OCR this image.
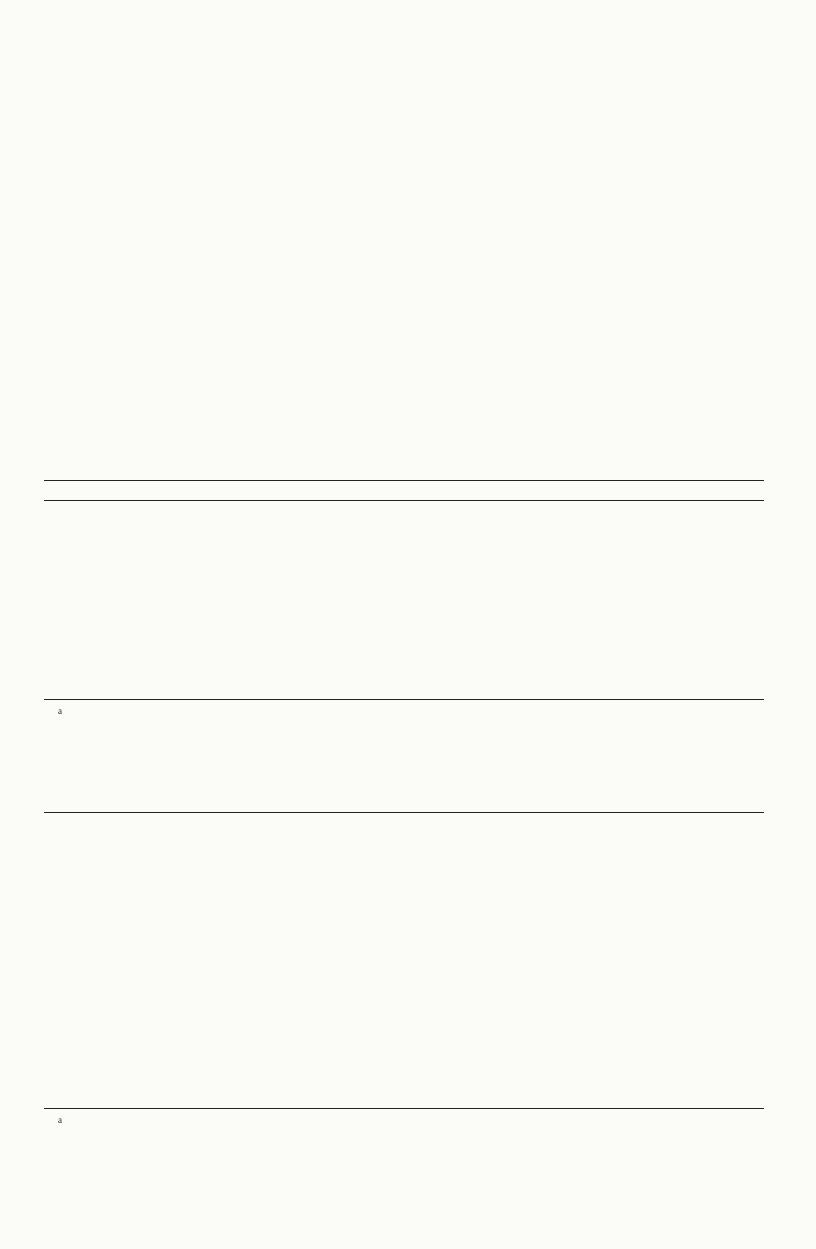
$^a$

$^a$
